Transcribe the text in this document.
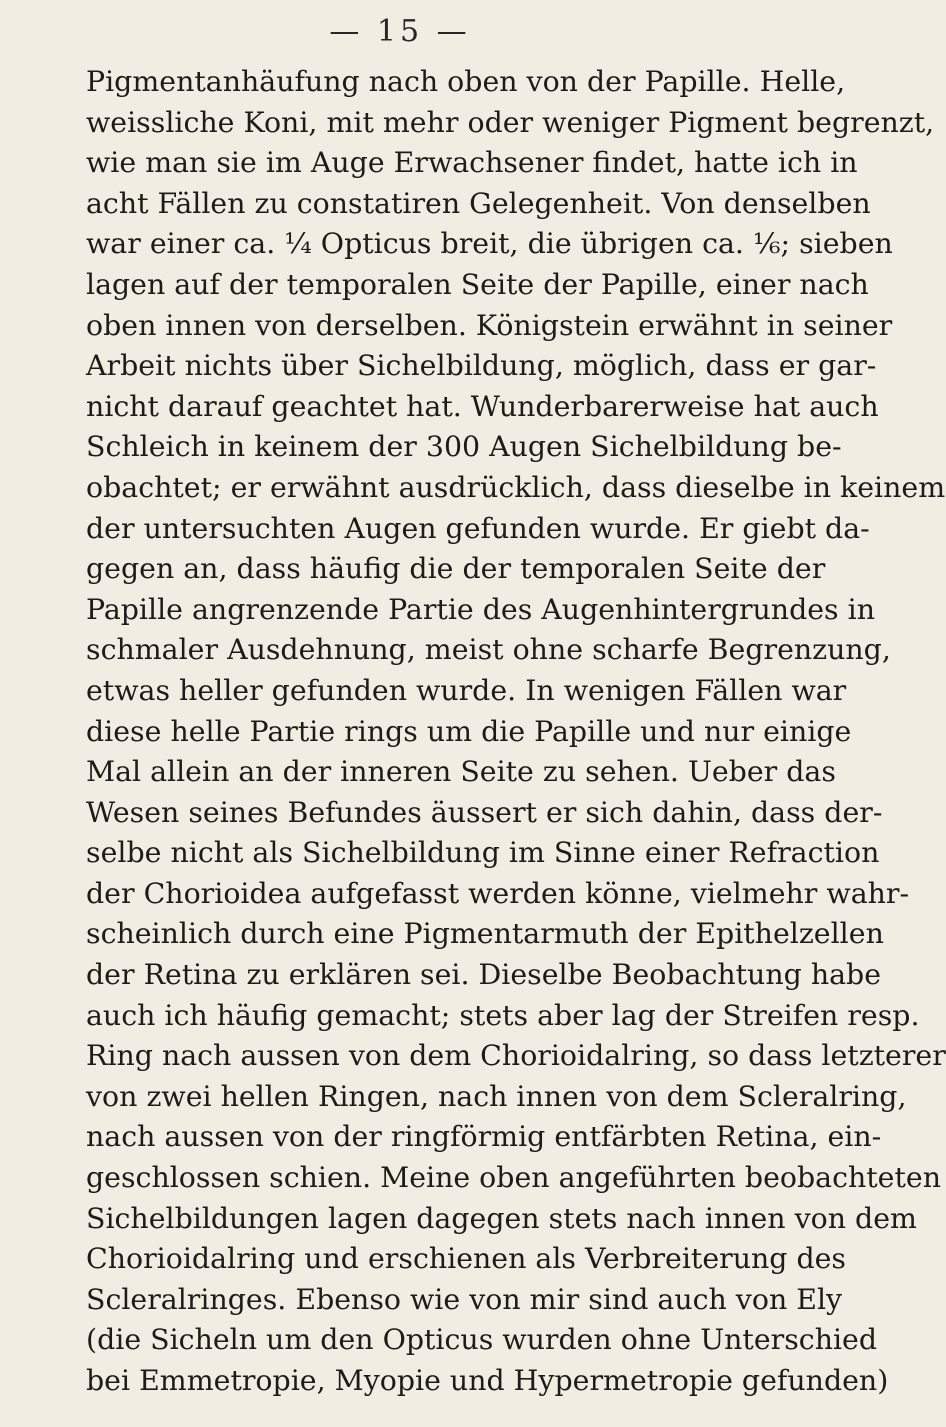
— 15 —
Pigmentanhäufung nach oben von der Papille. Helle,
weissliche Koni, mit mehr oder weniger Pigment begrenzt,
wie man sie im Auge Erwachsener findet, hatte ich in
acht Fällen zu constatiren Gelegenheit. Von denselben
war einer ca. ¼ Opticus breit, die übrigen ca. ⅙; sieben
lagen auf der temporalen Seite der Papille, einer nach
oben innen von derselben. Königstein erwähnt in seiner
Arbeit nichts über Sichelbildung, möglich, dass er gar-
nicht darauf geachtet hat. Wunderbarerweise hat auch
Schleich in keinem der 300 Augen Sichelbildung be-
obachtet; er erwähnt ausdrücklich, dass dieselbe in keinem
der untersuchten Augen gefunden wurde. Er giebt da-
gegen an, dass häufig die der temporalen Seite der
Papille angrenzende Partie des Augenhintergrundes in
schmaler Ausdehnung, meist ohne scharfe Begrenzung,
etwas heller gefunden wurde. In wenigen Fällen war
diese helle Partie rings um die Papille und nur einige
Mal allein an der inneren Seite zu sehen. Ueber das
Wesen seines Befundes äussert er sich dahin, dass der-
selbe nicht als Sichelbildung im Sinne einer Refraction
der Chorioidea aufgefasst werden könne, vielmehr wahr-
scheinlich durch eine Pigmentarmuth der Epithelzellen
der Retina zu erklären sei. Dieselbe Beobachtung habe
auch ich häufig gemacht; stets aber lag der Streifen resp.
Ring nach aussen von dem Chorioidalring, so dass letzterer
von zwei hellen Ringen, nach innen von dem Scleralring,
nach aussen von der ringförmig entfärbten Retina, ein-
geschlossen schien. Meine oben angeführten beobachteten
Sichelbildungen lagen dagegen stets nach innen von dem
Chorioidalring und erschienen als Verbreiterung des
Scleralringes. Ebenso wie von mir sind auch von Ely
(die Sicheln um den Opticus wurden ohne Unterschied
bei Emmetropie, Myopie und Hypermetropie gefunden)
